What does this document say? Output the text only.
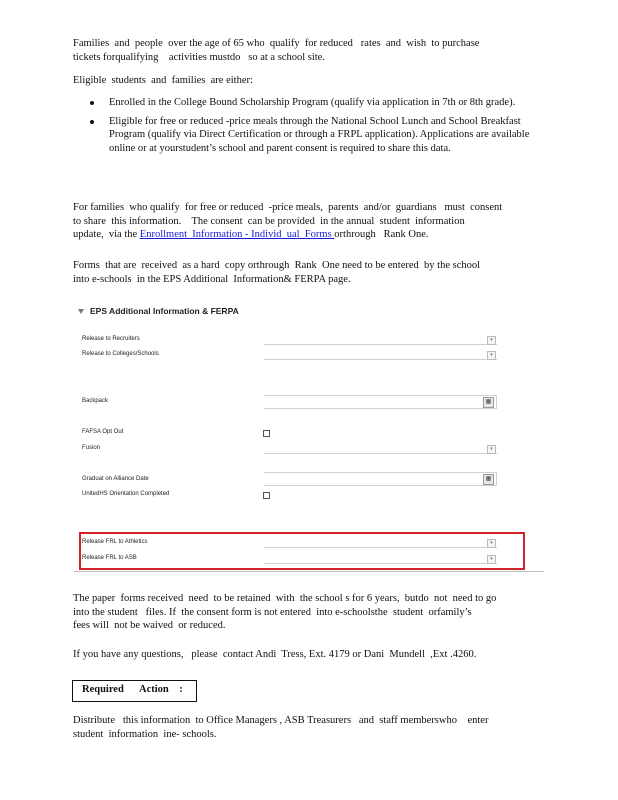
Families  and  people  over the age of 65 who  qualify  for reduced   rates  and  wish  to purchase
tickets forqualifying    activities mustdo   so at a school site.

Eligible  students  and  families  are either:

Enrolled in the College Bound Scholarship Program (qualify via application in 7th or 8th grade).
Eligible for free or reduced -price meals through the National School Lunch and School Breakfast Program (qualify via Direct Certification or through a FRPL application). Applications are available online or at yourstudent’s school and parent consent is required to share this data.

For families  who qualify  for free or reduced  -price meals,  parents  and/or  guardians   must  consent
to share  this information.    The consent  can be provided  in the annual  student  information
update,  via the Enrollment  Information - Individ  ual  Forms orthrough   Rank One.

Forms  that are  received  as a hard  copy orthrough  Rank  One need to be entered  by the school
into e-schools  in the EPS Additional  Information& FERPA page.

EPS Additional Information & FERPA
Release to Recruiters	▾
Release to Colleges/Schools	▾
Backpack	▦
FAFSA Opt Out
Fusion	▾
Graduat on Alliance Date	▦
UnitedHS Orientation Completed
Release FRL to Athletics	▾
Release FRL to ASB	▾

The paper  forms received  need  to be retained  with  the school s for 6 years,  butdo  not  need to go
into the student   files. If  the consent form is not entered  into e-schoolsthe  student  orfamily’s
fees will  not be waived  or reduced.

If you have any questions,   please  contact Andi  Tress, Ext. 4179 or Dani  Mundell  ,Ext .4260.

Required      Action    :

Distribute   this information  to Office Managers , ASB Treasurers   and  staff memberswho    enter
student  information  ine- schools.
